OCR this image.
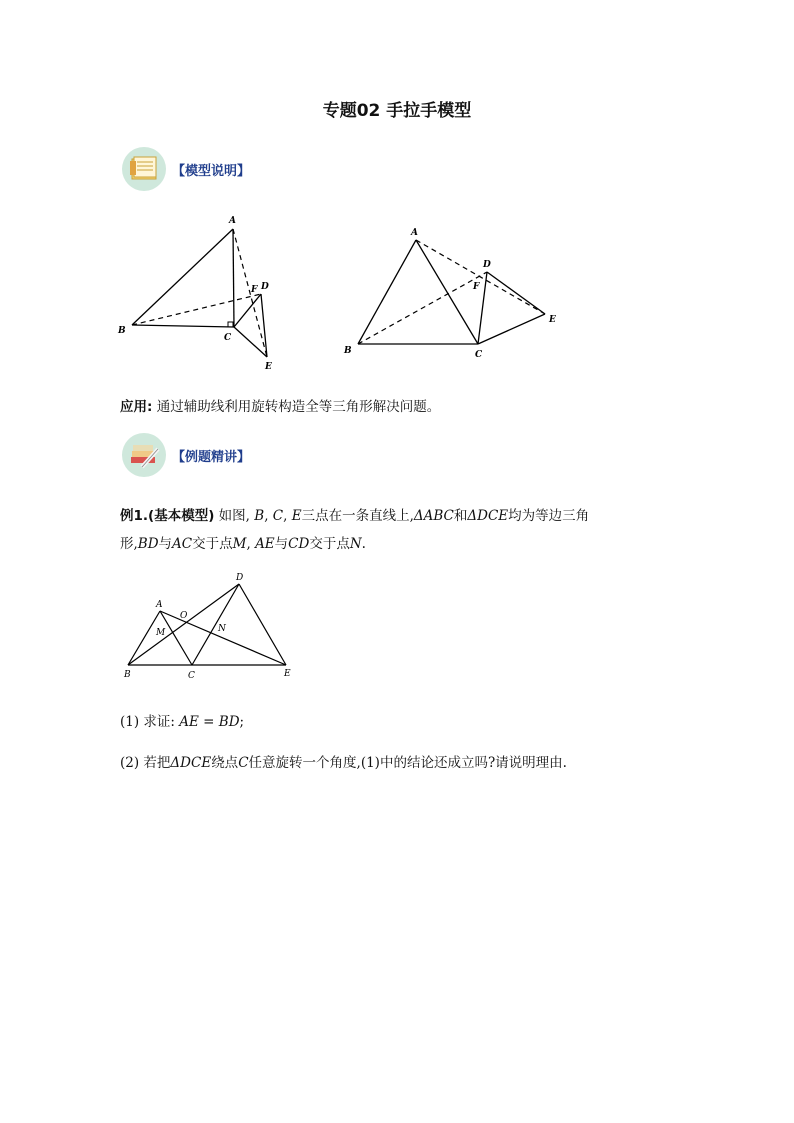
专题02 手拉手模型
【模型说明】
A
B
C
D
E
F
A
B	C
D
E
F
应用: 通过辅助线利用旋转构造全等三角形解决问题。
【例题精讲】
例1.(基本模型) 如图, B, C, E三点在一条直线上,ΔABC和ΔDCE均为等边三角
形,BD与AC交于点M, AE与CD交于点N.
A
B	C
D
E
M	N
O
(1) 求证: AE = BD;
(2) 若把ΔDCE绕点C任意旋转一个角度,(1)中的结论还成立吗?请说明理由.
